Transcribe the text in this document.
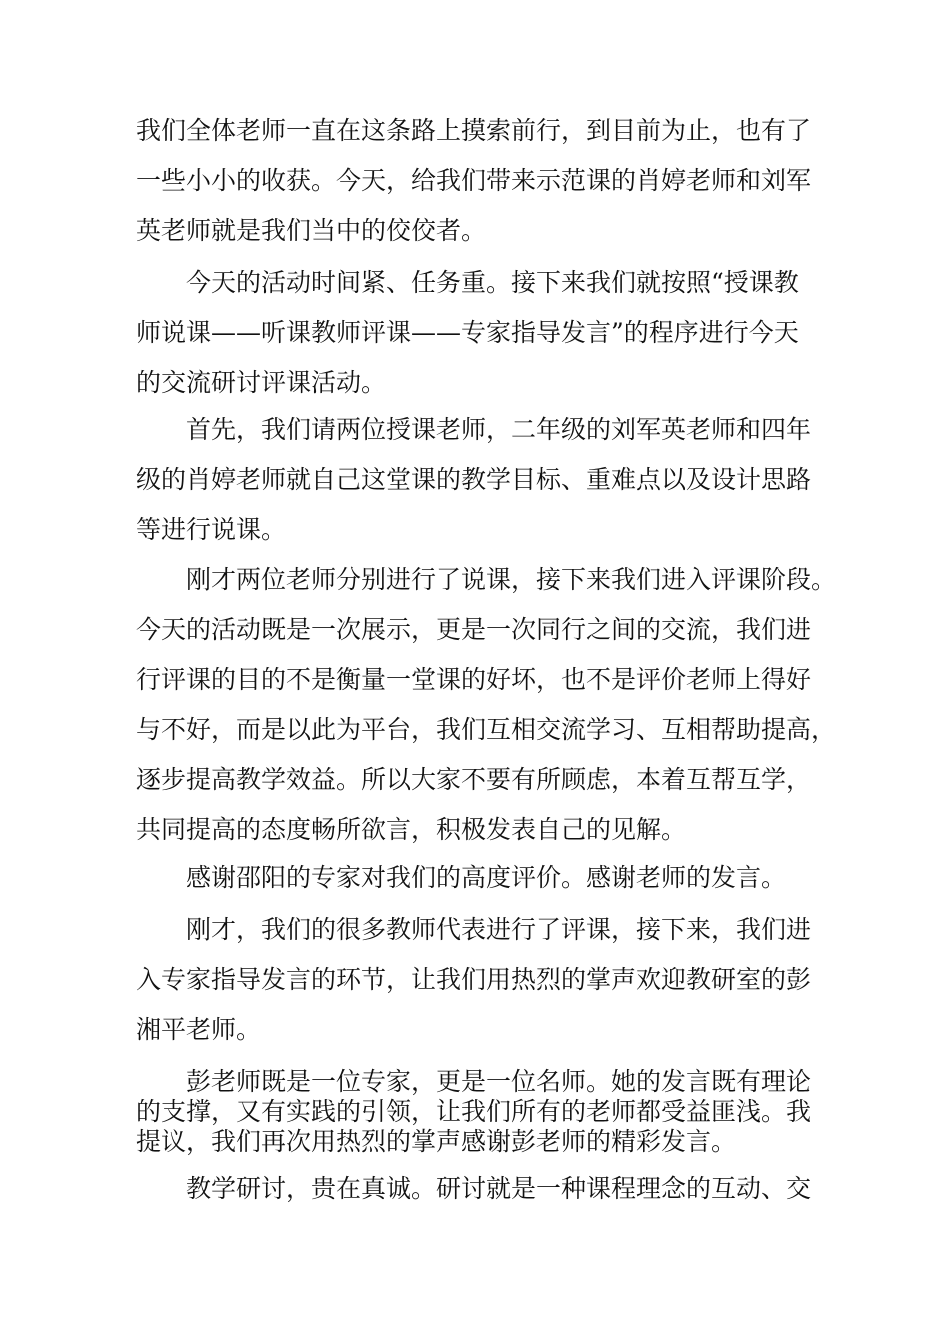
我们全体老师一直在这条路上摸索前行，到目前为止，也有了
一些小小的收获。今天，给我们带来示范课的肖婷老师和刘军
英老师就是我们当中的佼佼者。

今天的活动时间紧、任务重。接下来我们就按照“授课教
师说课——听课教师评课——专家指导发言”的程序进行今天
的交流研讨评课活动。

首先，我们请两位授课老师，二年级的刘军英老师和四年
级的肖婷老师就自己这堂课的教学目标、重难点以及设计思路
等进行说课。

刚才两位老师分别进行了说课，接下来我们进入评课阶段。
今天的活动既是一次展示，更是一次同行之间的交流，我们进
行评课的目的不是衡量一堂课的好坏，也不是评价老师上得好
与不好，而是以此为平台，我们互相交流学习、互相帮助提高，
逐步提高教学效益。所以大家不要有所顾虑，本着互帮互学，
共同提高的态度畅所欲言，积极发表自己的见解。

感谢邵阳的专家对我们的高度评价。感谢老师的发言。

刚才，我们的很多教师代表进行了评课，接下来，我们进
入专家指导发言的环节，让我们用热烈的掌声欢迎教研室的彭
湘平老师。

彭老师既是一位专家，更是一位名师。她的发言既有理论
的支撑，又有实践的引领，让我们所有的老师都受益匪浅。我
提议，我们再次用热烈的掌声感谢彭老师的精彩发言。

教学研讨，贵在真诚。研讨就是一种课程理念的互动、交
